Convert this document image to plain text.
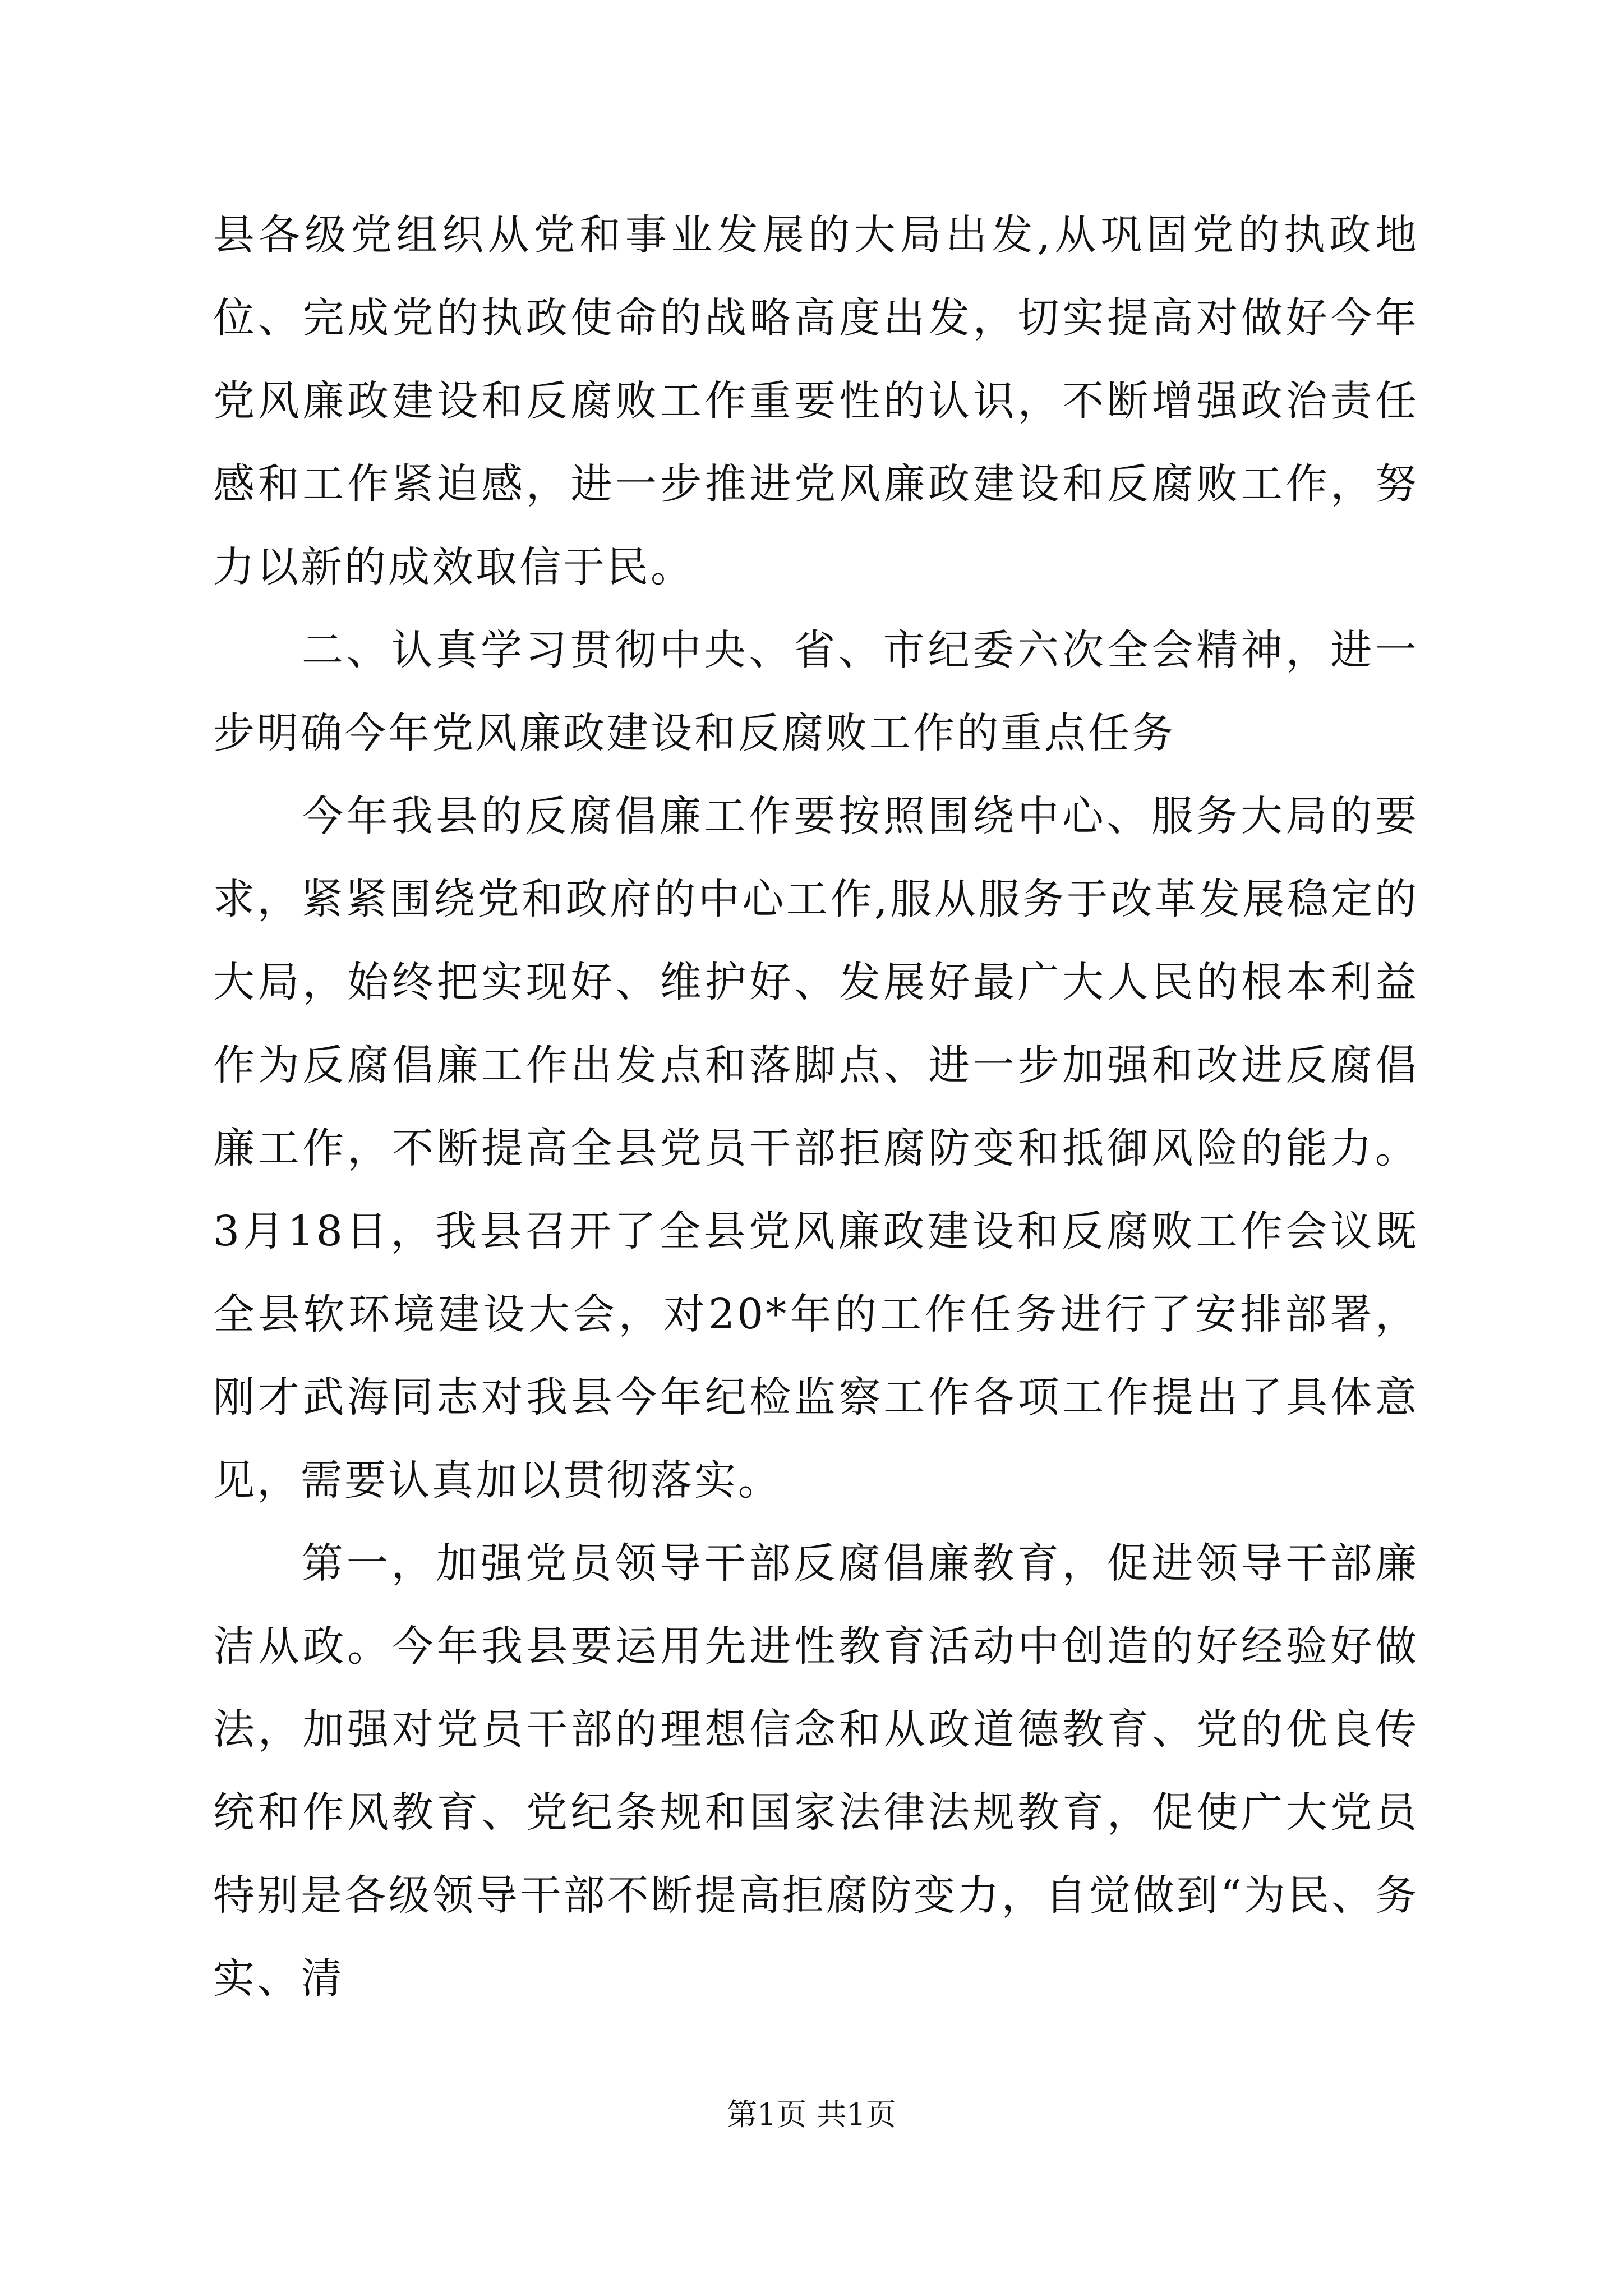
县各级党组织从党和事业发展的大局出发,从巩固党的执政地位、完成党的执政使命的战略高度出发，切实提高对做好今年党风廉政建设和反腐败工作重要性的认识，不断增强政治责任感和工作紧迫感，进一步推进党风廉政建设和反腐败工作，努力以新的成效取信于民。

二、认真学习贯彻中央、省、市纪委六次全会精神，进一步明确今年党风廉政建设和反腐败工作的重点任务

今年我县的反腐倡廉工作要按照围绕中心、服务大局的要求，紧紧围绕党和政府的中心工作,服从服务于改革发展稳定的大局，始终把实现好、维护好、发展好最广大人民的根本利益作为反腐倡廉工作出发点和落脚点、进一步加强和改进反腐倡廉工作，不断提高全县党员干部拒腐防变和抵御风险的能力。3月18日，我县召开了全县党风廉政建设和反腐败工作会议既全县软环境建设大会，对20*年的工作任务进行了安排部署，刚才武海同志对我县今年纪检监察工作各项工作提出了具体意见，需要认真加以贯彻落实。

第一，加强党员领导干部反腐倡廉教育，促进领导干部廉洁从政。今年我县要运用先进性教育活动中创造的好经验好做法，加强对党员干部的理想信念和从政道德教育、党的优良传统和作风教育、党纪条规和国家法律法规教育，促使广大党员特别是各级领导干部不断提高拒腐防变力，自觉做到“为民、务实、清

第1页 共1页
